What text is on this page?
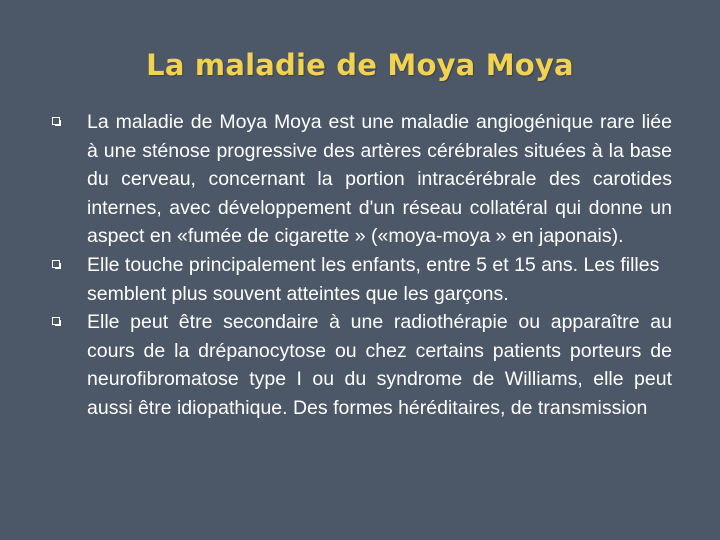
La maladie de Moya Moya
La maladie de Moya Moya est une maladie angiogénique rare liée à une sténose progressive des artères cérébrales situées à la base du cerveau, concernant la portion intracérébrale des carotides internes, avec développement d'un réseau collatéral qui donne un aspect en «fumée de cigarette » («moya-moya » en japonais).
Elle touche principalement les enfants, entre 5 et 15 ans. Les filles semblent plus souvent atteintes que les garçons.
Elle peut être secondaire à une radiothérapie ou apparaître au cours de la drépanocytose ou chez certains patients porteurs de neurofibromatose type I ou du syndrome de Williams, elle peut aussi être idiopathique. Des formes héréditaires, de transmission
